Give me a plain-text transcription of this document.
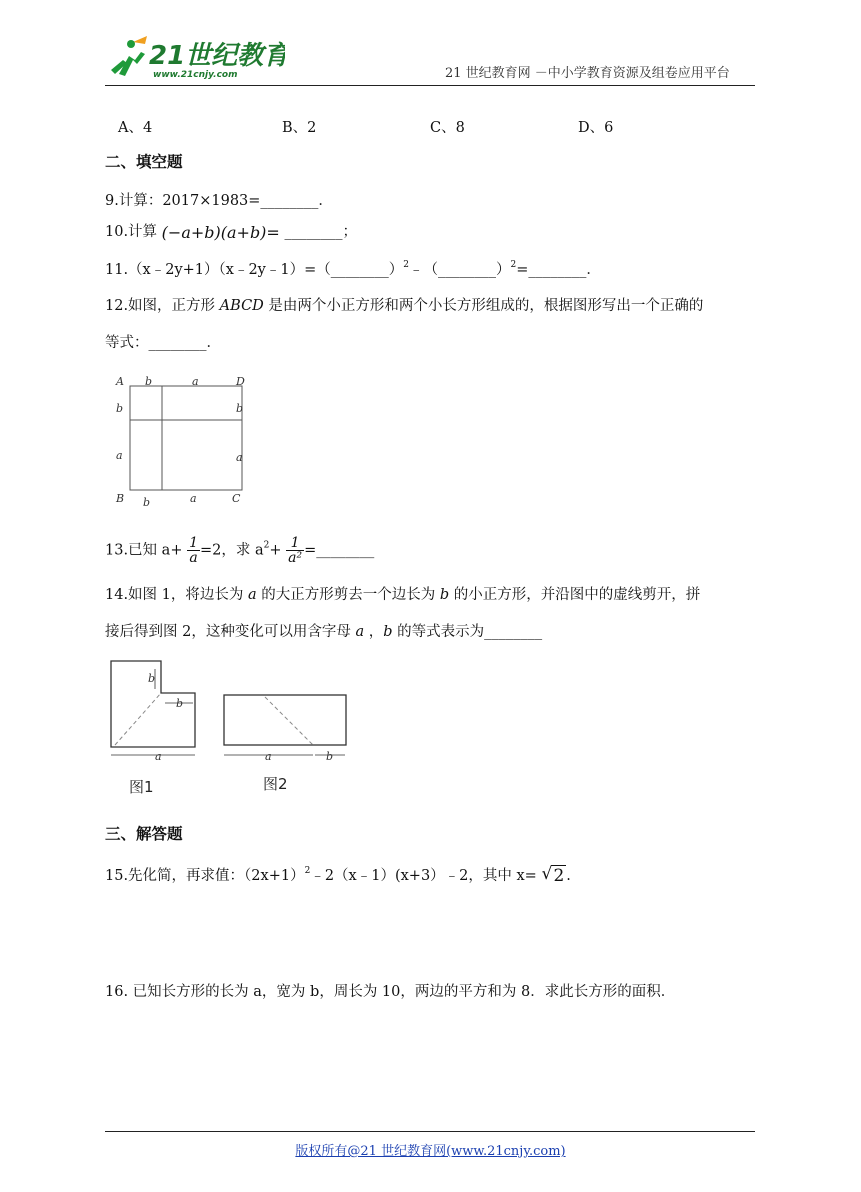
21世纪教育
www.21cnjy.com	21 世纪教育网 －中小学教育资源及组卷应用平台
A、4	B、2	C、8	D、6
二、填空题
9.计算：2017×1983=________．
10.计算 (−a+b)(a+b)= ________；
11.（x﹣2y+1）（x﹣2y﹣1）=（________）$^2$﹣（________）$^2$=________．
12.如图，正方形 ABCD 是由两个小正方形和两个小长方形组成的，根据图形写出一个正确的
等式：________．
A b	a	D
b	b
a	a
B b	a	C
13.已知 $a+ \frac{1}{a} =2$，求 $a^2+ \frac{1}{\text{a²}}$ =________
14.如图 1，将边长为 a 的大正方形剪去一个边长为 b 的小正方形，并沿图中的虚线剪开，拼
接后得到图 2，这种变化可以用含字母 a ，b 的等式表示为________
b
b
a
图1
a	b
图2
三、解答题
15.先化简，再求值：$(2x+1)^2﹣2(x﹣1)(x+3)﹣2$，其中 x= √ 2 .
16. 已知长方形的长为 a，宽为 b，周长为 10，两边的平方和为 8．求此长方形的面积．
版权所有@21 世纪教育网(www.21cnjy.com)
